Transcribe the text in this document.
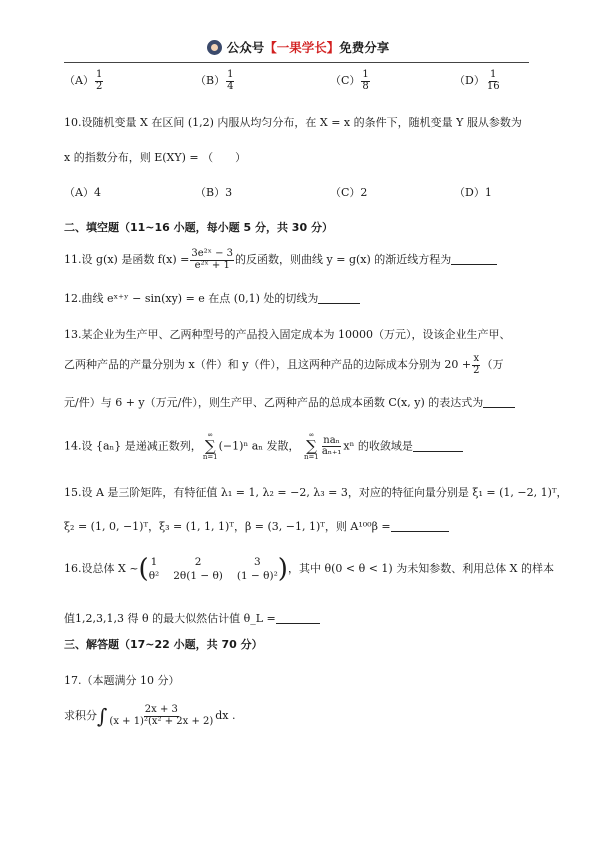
公众号【一果学长】免费分享
$(A) \frac{1}{2}$	$(B) \frac{1}{4}$	$(C) \frac{1}{8}$	$(D) \frac{1}{16}$
10.设随机变量 X 在区间 (1,2) 内服从均匀分布，在 X = x 的条件下，随机变量 Y 服从参数为
x 的指数分布，则 E(XY) = （　　）
（A）4	（B）3	（C）2	（D）1
二、填空题（11~16 小题，每小题 5 分，共 30 分）
11.设 g(x) 是函数 $f(x) = \frac{\text{3e²ˣ − 3}}{\text{e²ˣ + 1}}$ 的反函数，则曲线 y = g(x) 的渐近线方程为
12.曲线 eˣ⁺ʸ − sin(xy) = e 在点 (0,1) 处的切线为
13.某企业为生产甲、乙两种型号的产品投入固定成本为 10000（万元），设该企业生产甲、
乙两种产品的产量分别为 x（件）和 y（件），且这两种产品的边际成本分别为 $20 + \frac{x}{2}$ （万
元/件）与 6 + y（万元/件），则生产甲、乙两种产品的总成本函数 C(x, y) 的表达式为
14.设 {aₙ} 是递减正数列，
∞
∑
n=1
(−1)ⁿ aₙ 发散，
∞
∑
$n=1 \frac{\text{naₙ}}{\text{aₙ₊₁}}$ xⁿ 的收敛域是
15.设 A 是三阶矩阵，有特征值 λ₁ = 1, λ₂ = −2, λ₃ = 3，对应的特征向量分别是 ξ₁ = (1, −2, 1)ᵀ，
ξ₂ = (1, 0, −1)ᵀ，ξ₃ = (1, 1, 1)ᵀ，β = (3, −1, 1)ᵀ，则 A¹⁰⁰β =
16.设总体 X ~( 1	2	3
θ² 2θ(1 − θ) (1 − θ)² )，其中 θ(0 < θ < 1) 为未知参数、利用总体 X 的样本
值1,2,3,1,3 得 θ 的最大似然估计值 θ_L =
三、解答题（17~22 小题，共 70 分）
17.（本题满分 10 分）
求积分∫ $\frac{2x + 3}{\text{(x + 1)²(x² + 2x + 2)}}$ dx .
